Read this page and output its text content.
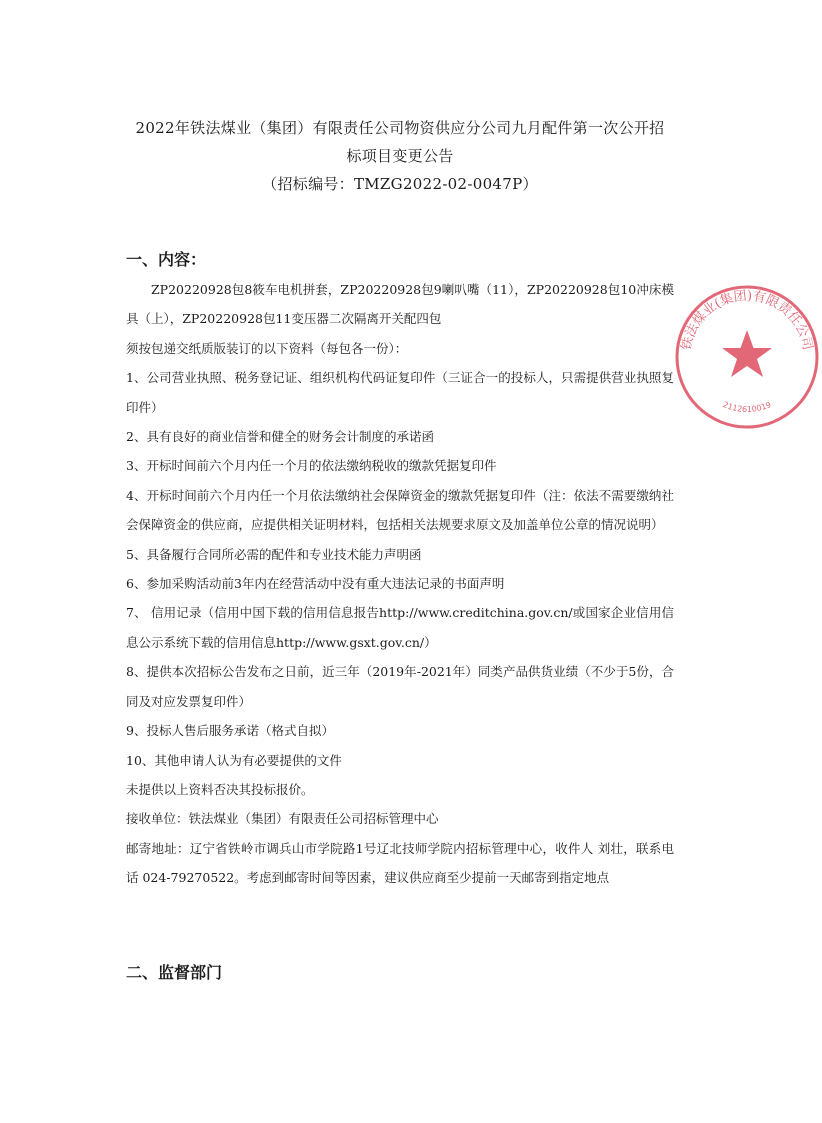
2022年铁法煤业（集团）有限责任公司物资供应分公司九月配件第一次公开招
标项目变更公告
（招标编号：TMZG2022-02-0047P）
一、内容：

ZP20220928包8筱车电机拼套，ZP20220928包9喇叭嘴（11），ZP20220928包10冲床模具（上），ZP20220928包11变压器二次隔离开关配四包

须按包递交纸质版装订的以下资料（每包各一份）：

1、公司营业执照、税务登记证、组织机构代码证复印件（三证合一的投标人，只需提供营业执照复印件）

2、具有良好的商业信誉和健全的财务会计制度的承诺函

3、开标时间前六个月内任一个月的依法缴纳税收的缴款凭据复印件

4、开标时间前六个月内任一个月依法缴纳社会保障资金的缴款凭据复印件（注：依法不需要缴纳社会保障资金的供应商，应提供相关证明材料，包括相关法规要求原文及加盖单位公章的情况说明）

5、具备履行合同所必需的配件和专业技术能力声明函

6、参加采购活动前3年内在经营活动中没有重大违法记录的书面声明

7、 信用记录（信用中国下载的信用信息报告http://www.creditchina.gov.cn/或国家企业信用信息公示系统下载的信用信息http://www.gsxt.gov.cn/）

8、提供本次招标公告发布之日前，近三年（2019年-2021年）同类产品供货业绩（不少于5份，合同及对应发票复印件）

9、投标人售后服务承诺（格式自拟）

10、其他申请人认为有必要提供的文件

未提供以上资料否决其投标报价。

接收单位：铁法煤业（集团）有限责任公司招标管理中心

邮寄地址：辽宁省铁岭市调兵山市学院路1号辽北技师学院内招标管理中心，收件人 刘壮，联系电话 024-79270522。考虑到邮寄时间等因素，建议供应商至少提前一天邮寄到指定地点

二、监督部门
铁法煤业(集团)有限责任公司
2112610019
